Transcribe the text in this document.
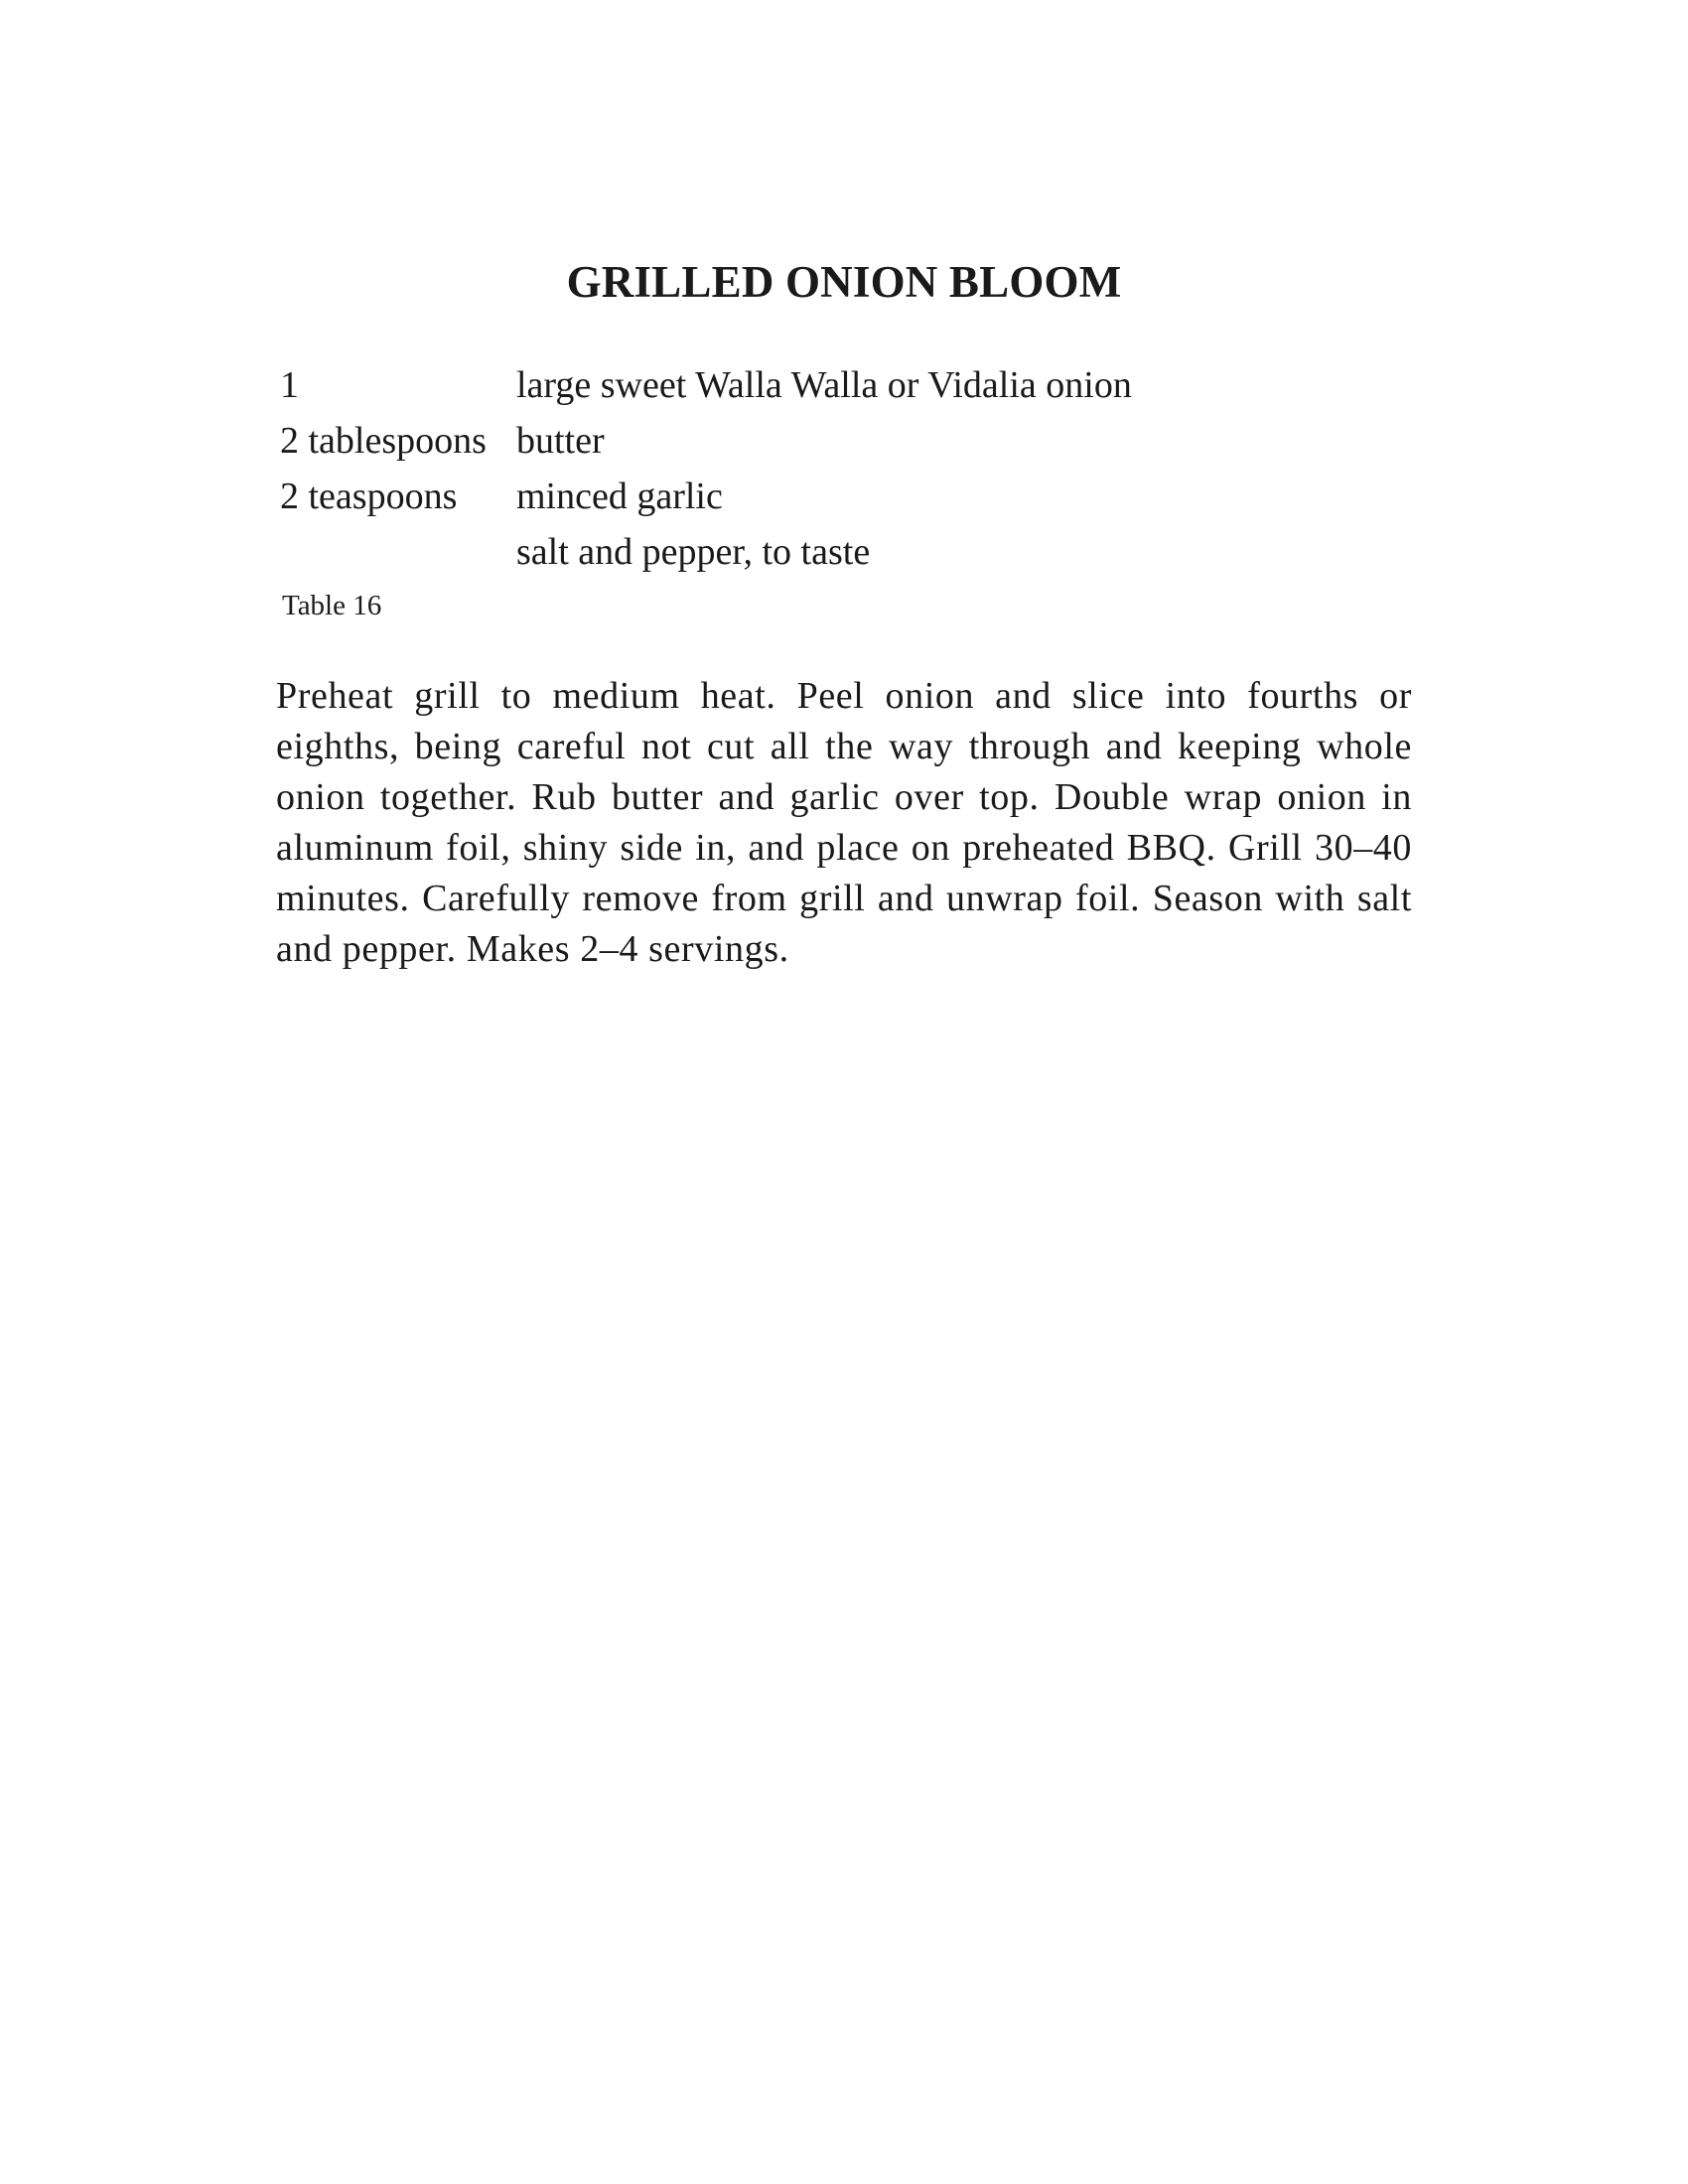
GRILLED ONION BLOOM
1	large sweet Walla Walla or Vidalia onion
2 tablespoons	butter
2 teaspoons	minced garlic
	salt and pepper, to taste
Table 16

Preheat grill to medium heat. Peel onion and slice into fourths or eighths, being careful not cut all the way through and keeping whole onion together. Rub butter and garlic over top. Double wrap onion in aluminum foil, shiny side in, and place on preheated BBQ. Grill 30–40 minutes. Carefully remove from grill and unwrap foil. Season with salt and pepper. Makes 2–4 servings.
